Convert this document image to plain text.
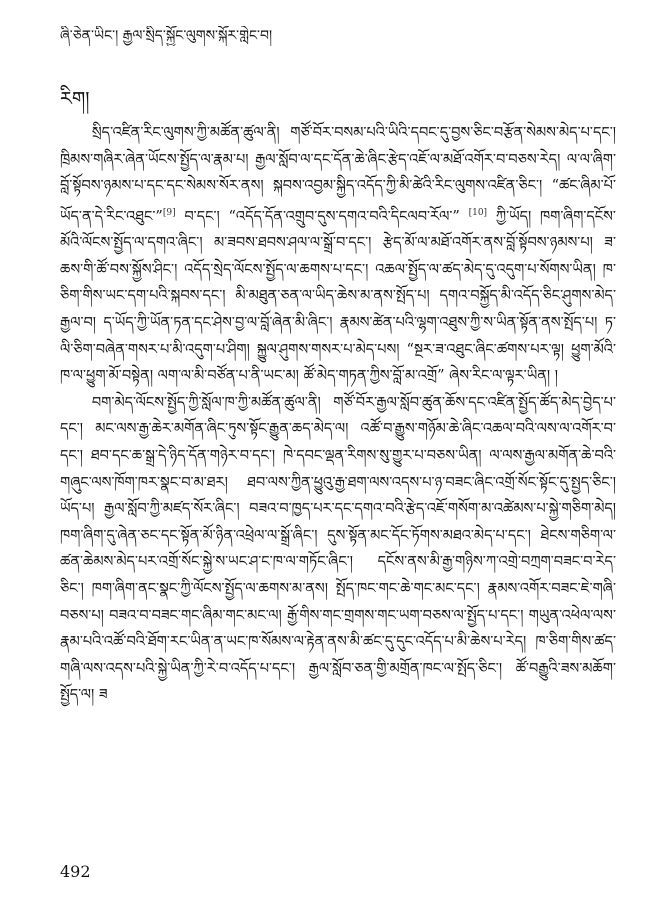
ཞི་ཅེན་ཡིང་། རྒྱལ་སྲིད་སྐྱོང་ལུགས་སྐོར་གླེང་བ།
རིག།

སྲིད་འཛིན་རིང་ལུགས་ཀྱི་མཚོན་ཚུལ་ནི། གཙོ་བོར་བསམ་པའི་ཡིའི་དབང་དུ་བྱས་ཅིང་བརྩོན་སེམས་མེད་པ་དང་། ཁྲིམས་གཞིར་ཞེན་ཡོངས་སྤྱོད་ལ་རྣམ་པ། རྒྱལ་སློབ་ལ་དང་དོན་ཆེ་ཞིང་རྩེད་འཇོ་ལ་མཐོ་འགོར་བ་བཅས་རེད། ལ་ལ་ཞིག་བློ་སྟོབས་ཉམས་པ་དང་དང་སེམས་སོར་ནས། སྐབས་འབྱམ་སྐྱིད་འདོད་ཀྱི་མི་ཚེའི་རིང་ལུགས་འཛིན་ཅིང་། “ཚང་ཞིམ་པོ་ཡོད་ན་དེ་རིང་འཐུང་”[9] བ་དང་། “འདོད་དོན་འགྲུབ་དུས་དགའ་བའི་དིངལབ་རོལ་” [10] ཀྱི་ཡོད། ཁག་ཞིག་དངོས་མོའི་ལོངས་སྤྱོད་ལ་དགའ་ཞིང་། མ་ཟབས་ཐབས་ཤལ་ལ་སྒྲོ་བ་དང་། རྩེད་མོ་ལ་མཐོ་འགོར་ནས་བློ་སྟོབས་ཉམས་པ། ཟ་ཆས་གི་ཚོ་བས་སྐྱོས་ཤིང་། འདོད་སྲེད་ལོངས་སྤྱོད་ལ་ཆགས་པ་དང་། འཆལ་སྤྱོད་ལ་ཚད་མེད་དུ་འདུག་པ་སོགས་ཡིན། ཁ་ཅིག་གིས་ཡང་དག་པའི་སྐབས་དང་། མི་མཐུན་ཅན་ལ་ཡིད་ཆེས་མ་ནས་སྤོད་པ། དགའ་བསྐྱོད་མི་འདོད་ཅིང་ཤུགས་མེད་རྒྱལ་བ། ད་ཡོད་ཀྱི་ཡོན་ཏན་དང་ཤེས་བྱ་ལ་བློ་ཞེན་མི་ཞིང་། རྣམས་ཚེན་པའི་ལྷག་འཐུས་ཀྱི་ས་ཡིན་སྟོན་ནས་སྤོད་པ། ཏ་ལི་ཅིག་བཞེན་གསར་པ་མི་འདུག་པ་ཤིག། སྐྱུལ་ཤུགས་གསར་པ་མེད་པས། “སྔར་ཟ་འཐུང་ཞིང་ཚགས་པར་ལྟ། ཕྱུག་མོའི་ཁ་ལ་ཕྱུག་མོ་བསྟེན། ལག་ལ་མི་བཙོན་པ་ནི་ཡང་མ། ཚོ་མེད་གཏན་ཀྱིས་བློ་མ་འགྲོ” ཞེས་རིང་ལ་ལྟར་ཡིན། །

བག་མེད་ལོངས་སྤྱོད་ཀྱི་སློལ་ཁ་ཀྱི་མཚོན་ཚུལ་ནི། གཙོ་བོར་རྒྱལ་སློབ་ཚུན་ཆོས་དང་འཛིན་སྤྱོད་ཚོད་མེད་བྱེད་པ་དང་། མང་ལས་རྒྱ་ཆེར་མགོན་ཞིང་ཏུས་སྟོང་རྒྱུན་ཆད་མེད་ལ། འཚོ་བ་རྒྱུས་གཉོམ་ཆེ་ཞིང་འཆལ་བའི་ལས་ལ་འགོར་བ་དང་། ཐབ་དང་ཆ་སྒྲ་དེ་ཉིད་དོན་གཉེར་བ་དང་། ཁེ་དབང་ལྡན་རིགས་སུ་གྱུར་པ་བཅས་ཡིན། ལ་ལས་རྒྱལ་མགོན་ཆེ་བའི་གཞུང་ལས་ཁོག་ཁར་སྣང་བ་མ་ཐར། ཐབ་ལས་ཀྱིན་ཕྱུའུ་རྒྱ་ཐག་ལས་འདས་པ་ཉ་བཟང་ཞིང་འགྲོ་སོང་སྟོང་དུ་སྤྱད་ཅིང་། ཡོད་པ། རྒྱལ་སློབ་ཀྱི་མཛད་སོར་ཞིང་། བཟའ་བ་ཁྱད་པར་དང་དགའ་བའི་རྩེད་འཇོ་གསོག་མ་འཚེམས་པ་སྐྱེ་གཅིག་མེད། ཁག་ཞིག་དུ་ཞེན་ཅང་དང་སྟོན་མོ་ཉིན་འཕྲེལ་ལ་སྒྲོ་ཞིང་། དུས་སྟོན་མང་དོང་ཏོགས་མཐའ་མེད་པ་དང་། ཐེངས་གཅིག་ལ་ཚན་ཆེམས་མེད་པར་འགྲོ་སོང་སྐྱེ་ས་ཡང་ཤ་ང་ཁ་ལ་གཏོང་ཞིང་། དངོས་ནས་མི་རྒྱ་གཉིས་ཀ་འགྲེ་བཀྲག་བཟང་བ་རེད་ཅིང་། ཁག་ཞིག་ནང་སྣང་ཀྱི་ལོངས་སྤྱོད་ལ་ཆགས་མ་ནས། སྤོད་ཁང་གང་ཆེ་གང་མང་དང་། རྣམས་འགོར་བཟང་ཇེ་གཞི་བཅས་པ། བཟའ་བ་བཟང་གང་ཞིམ་གང་མང་ལ། རྒྱོ་གིས་གང་གྲགས་གང་ཡག་བཅས་ལ་སྤྱོད་པ་དང་། གཡུན་འཕེལ་ལས་རྣམ་པའི་འཚོ་བའི་ཐོག་རང་ཡིན་ན་ཡང་ཁ་སོམས་ལ་རྟེན་ནས་མི་ཚང་དུ་དུང་འདོད་པ་མི་ཆེས་པ་རེད། ཁ་ཅིག་གིས་ཚད་གཞི་ལས་འདས་པའི་སྐྱེ་ཡིན་ཀྱི་རེ་བ་འདོད་པ་དང་། རྒྱལ་སློབ་ཅན་གྱི་མགྲོན་ཁང་ལ་སྤོད་ཅིང་། ཚོ་བརྒྱུའི་ཟས་མཆོག་སྤྱོད་ལ། ཟ

492
